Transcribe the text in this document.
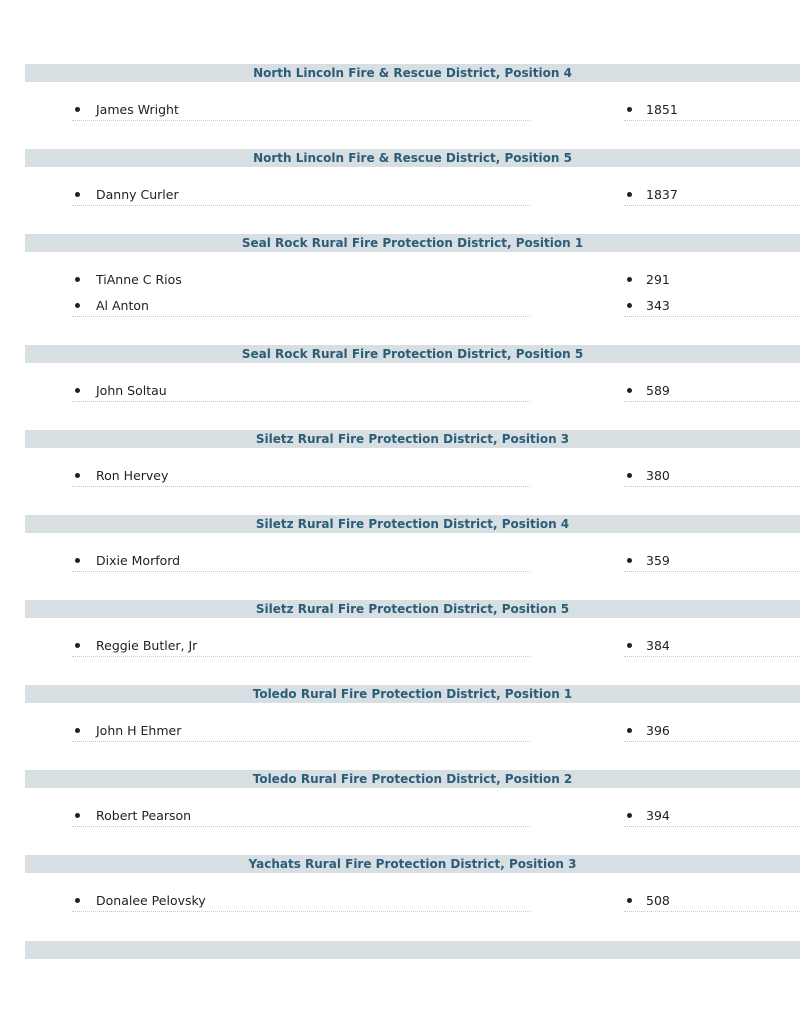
North Lincoln Fire & Rescue District, Position 4
James Wright	1851
North Lincoln Fire & Rescue District, Position 5
Danny Curler	1837
Seal Rock Rural Fire Protection District, Position 1
TiAnne C Rios	291
Al Anton	343
Seal Rock Rural Fire Protection District, Position 5
John Soltau	589
Siletz Rural Fire Protection District, Position 3
Ron Hervey	380
Siletz Rural Fire Protection District, Position 4
Dixie Morford	359
Siletz Rural Fire Protection District, Position 5
Reggie Butler, Jr	384
Toledo Rural Fire Protection District, Position 1
John H Ehmer	396
Toledo Rural Fire Protection District, Position 2
Robert Pearson	394
Yachats Rural Fire Protection District, Position 3
Donalee Pelovsky	508
